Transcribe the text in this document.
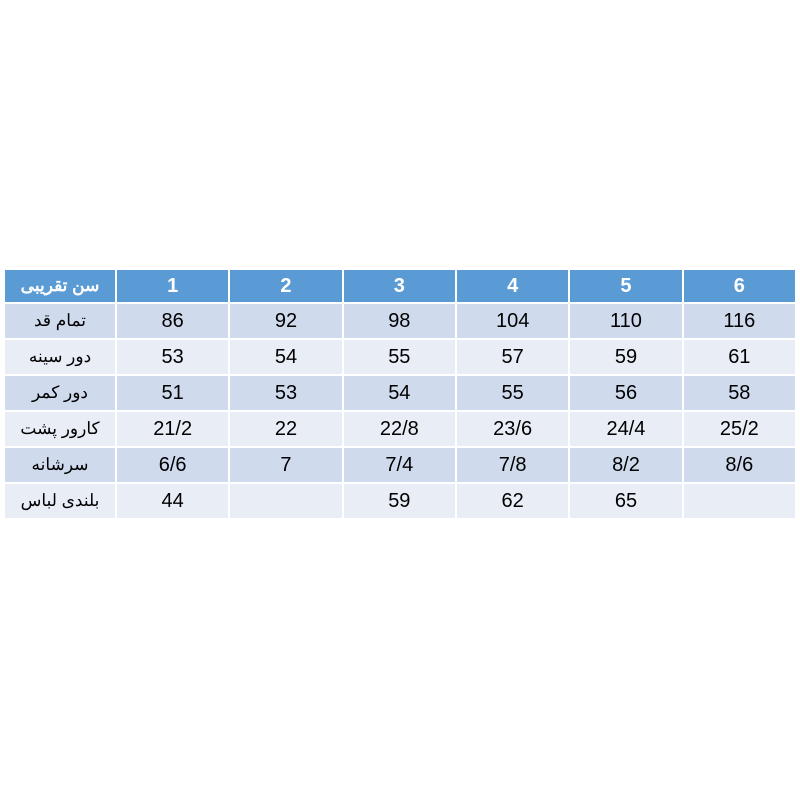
سن تقریبی	1	2	3	4	5	6
تمام قد	86	92	98	104	110	116
دور سینه	53	54	55	57	59	61
دور کمر	51	53	54	55	56	58
کارور پشت	21/2	22	22/8	23/6	24/4	25/2
سرشانه	6/6	7	7/4	7/8	8/2	8/6
بلندی لباس	44		59	62	65	
